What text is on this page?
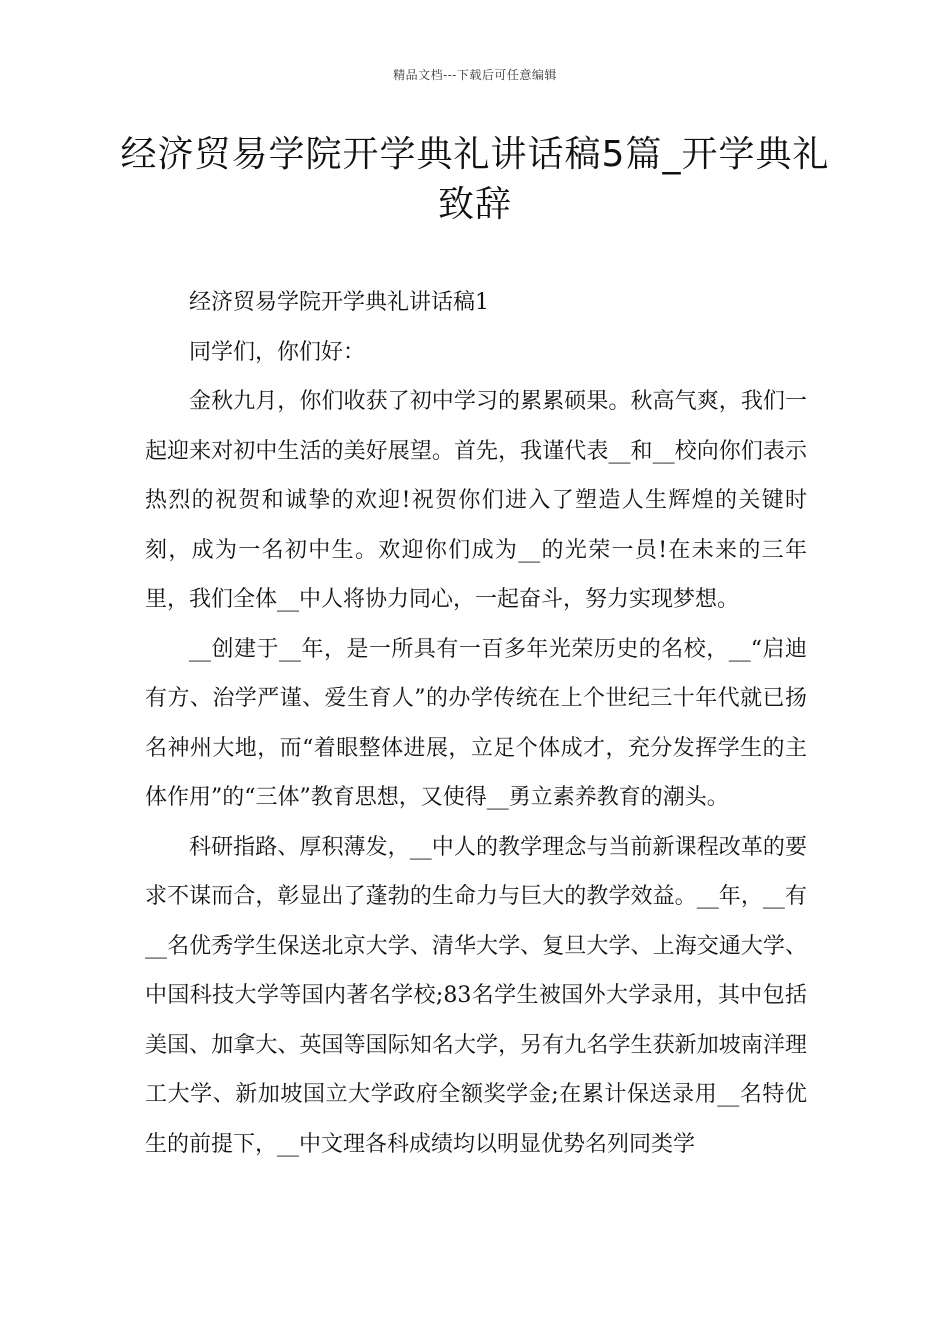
精品文档---下载后可任意编辑
经济贸易学院开学典礼讲话稿5篇_开学典礼致辞

经济贸易学院开学典礼讲话稿1

同学们，你们好：

金秋九月，你们收获了初中学习的累累硕果。秋高气爽，我们一起迎来对初中生活的美好展望。首先，我谨代表__和__校向你们表示热烈的祝贺和诚挚的欢迎!祝贺你们进入了塑造人生辉煌的关键时刻，成为一名初中生。欢迎你们成为__的光荣一员!在未来的三年里，我们全体__中人将协力同心，一起奋斗，努力实现梦想。

__创建于__年，是一所具有一百多年光荣历史的名校，__“启迪有方、治学严谨、爱生育人”的办学传统在上个世纪三十年代就已扬名神州大地，而“着眼整体进展，立足个体成才，充分发挥学生的主体作用”的“三体”教育思想，又使得__勇立素养教育的潮头。

科研指路、厚积薄发，__中人的教学理念与当前新课程改革的要求不谋而合，彰显出了蓬勃的生命力与巨大的教学效益。__年，__有__名优秀学生保送北京大学、清华大学、复旦大学、上海交通大学、中国科技大学等国内著名学校;83名学生被国外大学录用，其中包括美国、加拿大、英国等国际知名大学，另有九名学生获新加坡南洋理工大学、新加坡国立大学政府全额奖学金;在累计保送录用__名特优生的前提下，__中文理各科成绩均以明显优势名列同类学
